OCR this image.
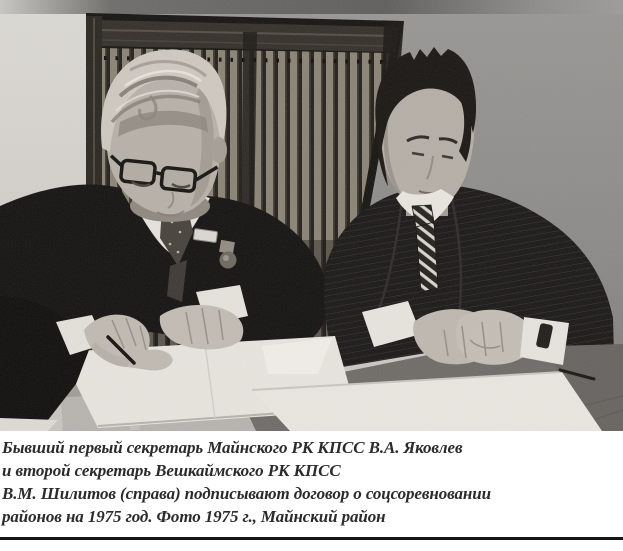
Бывший первый секретарь Майнского РК КПСС В.А. Яковлев
и второй секретарь Вешкаймского РК КПСС
В.М. Шилитов (справа) подписывают договор о соцсоревновании
районов на 1975 год. Фото 1975 г., Майнский район
